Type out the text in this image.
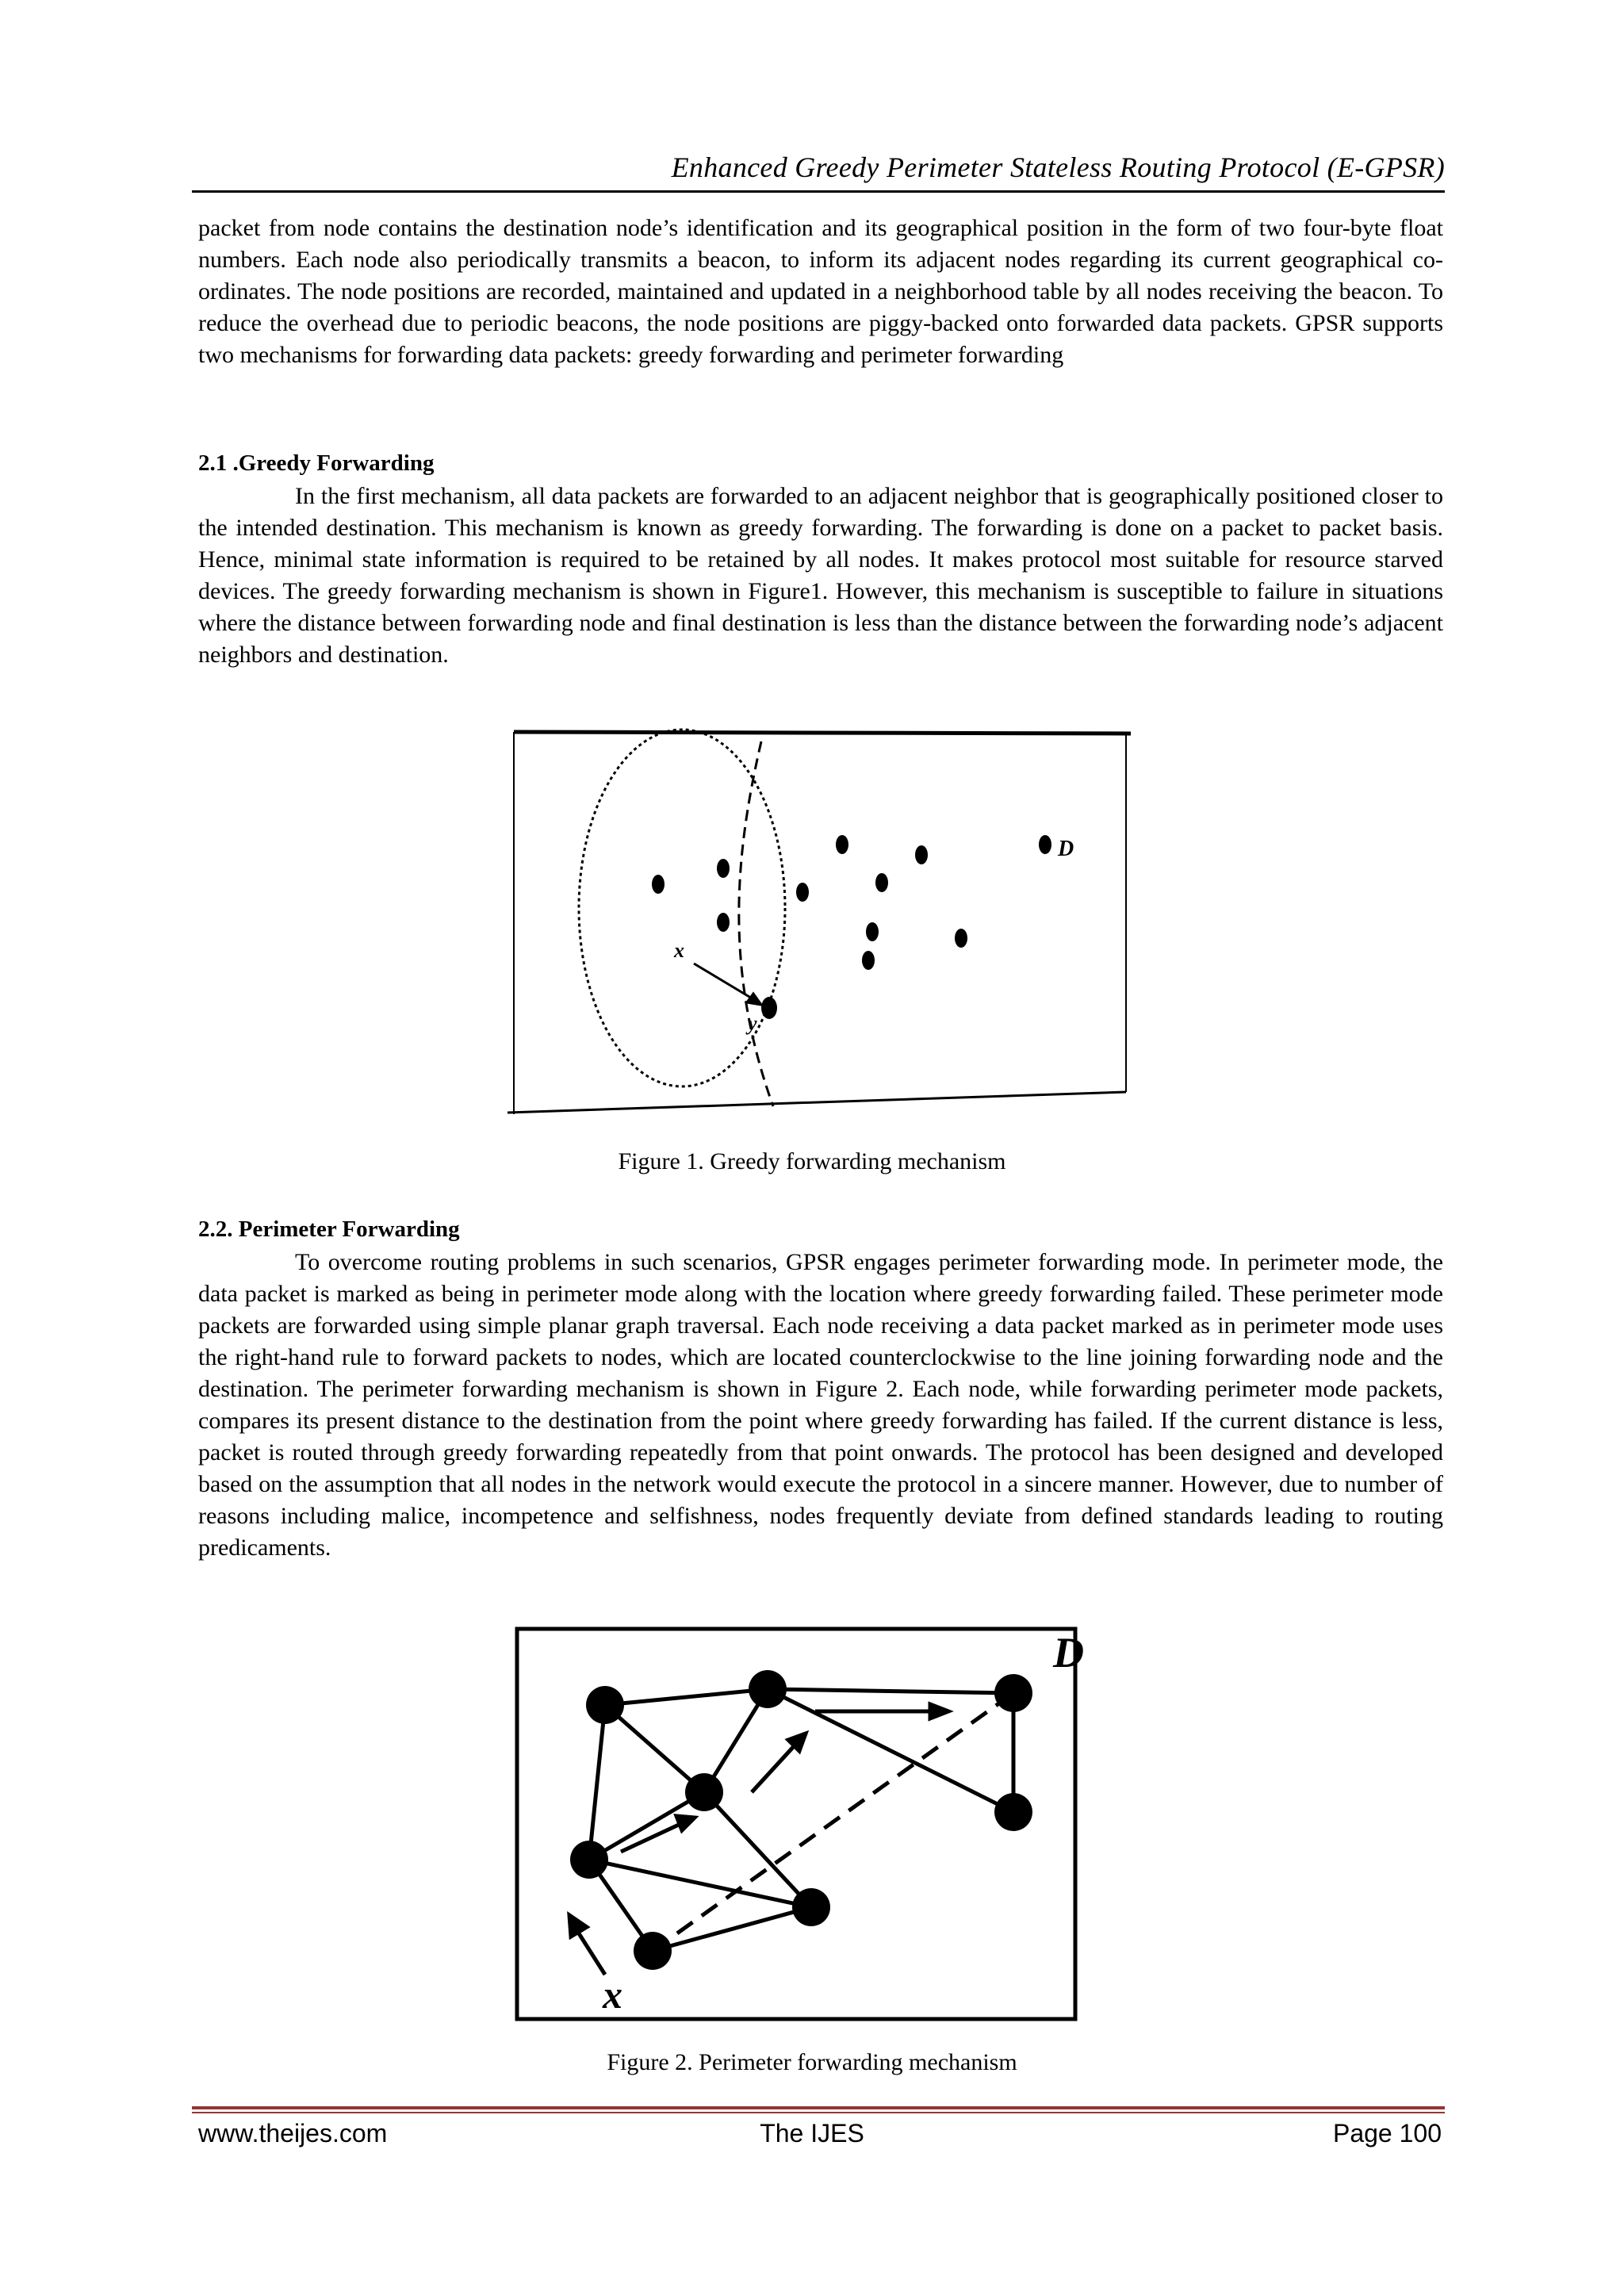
Enhanced Greedy Perimeter Stateless Routing Protocol (E-GPSR)

packet from node contains the destination node’s identification and its geographical position in the form of two four-byte float numbers. Each node also periodically transmits a beacon, to inform its adjacent nodes regarding its current geographical co-ordinates. The node positions are recorded, maintained and updated in a neighborhood table by all nodes receiving the beacon. To reduce the overhead due to periodic beacons, the node positions are piggy-backed onto forwarded data packets. GPSR supports two mechanisms for forwarding data packets: greedy forwarding and perimeter forwarding

2.1 .Greedy Forwarding

In the first mechanism, all data packets are forwarded to an adjacent neighbor that is geographically positioned closer to the intended destination. This mechanism is known as greedy forwarding. The forwarding is done on a packet to packet basis. Hence, minimal state information is required to be retained by all nodes. It makes protocol most suitable for resource starved devices. The greedy forwarding mechanism is shown in Figure1. However, this mechanism is susceptible to failure in situations where the distance between forwarding node and final destination is less than the distance between the forwarding node’s adjacent neighbors and destination.

x
y
D
Figure 1. Greedy forwarding mechanism
2.2. Perimeter Forwarding

To overcome routing problems in such scenarios, GPSR engages perimeter forwarding mode. In perimeter mode, the data packet is marked as being in perimeter mode along with the location where greedy forwarding failed. These perimeter mode packets are forwarded using simple planar graph traversal. Each node receiving a data packet marked as in perimeter mode uses the right-hand rule to forward packets to nodes, which are located counterclockwise to the line joining forwarding node and the destination. The perimeter forwarding mechanism is shown in Figure 2. Each node, while forwarding perimeter mode packets, compares its present distance to the destination from the point where greedy forwarding has failed. If the current distance is less, packet is routed through greedy forwarding repeatedly from that point onwards. The protocol has been designed and developed based on the assumption that all nodes in the network would execute the protocol in a sincere manner. However, due to number of reasons including malice, incompetence and selfishness, nodes frequently deviate from defined standards leading to routing predicaments.

D
x
Figure 2. Perimeter forwarding mechanism
www.theijes.com	The IJES	Page 100
